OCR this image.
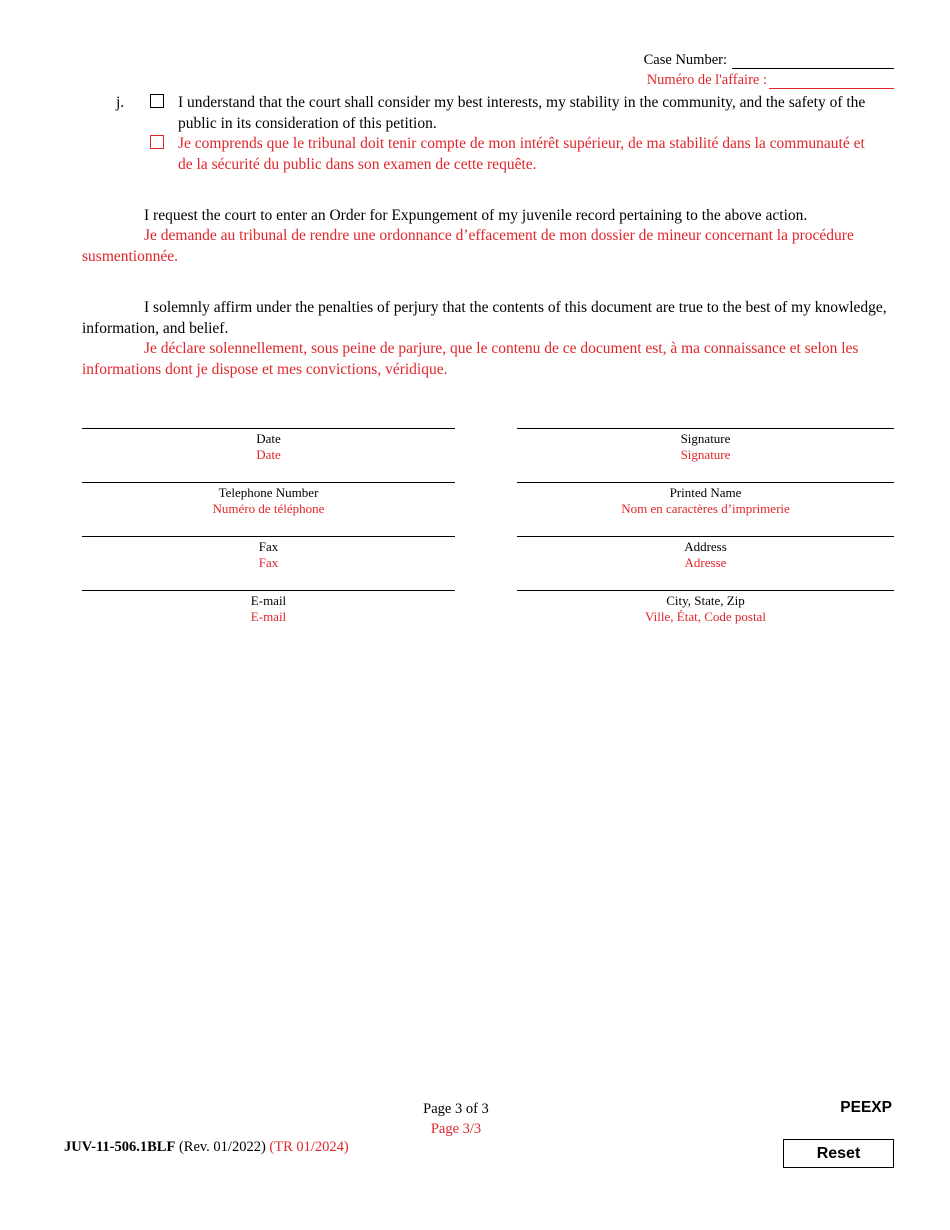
Case Number:
Numéro de l'affaire :
j.	I understand that the court shall consider my best interests, my stability in the community, and the safety of the public in its consideration of this petition.
Je comprends que le tribunal doit tenir compte de mon intérêt supérieur, de ma stabilité dans la communauté et de la sécurité du public dans son examen de cette requête.
I request the court to enter an Order for Expungement of my juvenile record pertaining to the above action.
Je demande au tribunal de rendre une ordonnance d’effacement de mon dossier de mineur concernant la procédure susmentionnée.
I solemnly affirm under the penalties of perjury that the contents of this document are true to the best of my knowledge, information, and belief.
Je déclare solennellement, sous peine de parjure, que le contenu de ce document est, à ma connaissance et selon les informations dont je dispose et mes convictions, véridique.
Date
Date
Telephone Number
Numéro de téléphone
Fax
Fax
E-mail
E-mail
Signature
Signature
Printed Name
Nom en caractères d’imprimerie
Address
Adresse
City, State, Zip
Ville, État, Code postal
Page 3 of 3
Page 3/3
PEEXP
JUV-11-506.1BLF (Rev. 01/2022) (TR 01/2024)	Reset
